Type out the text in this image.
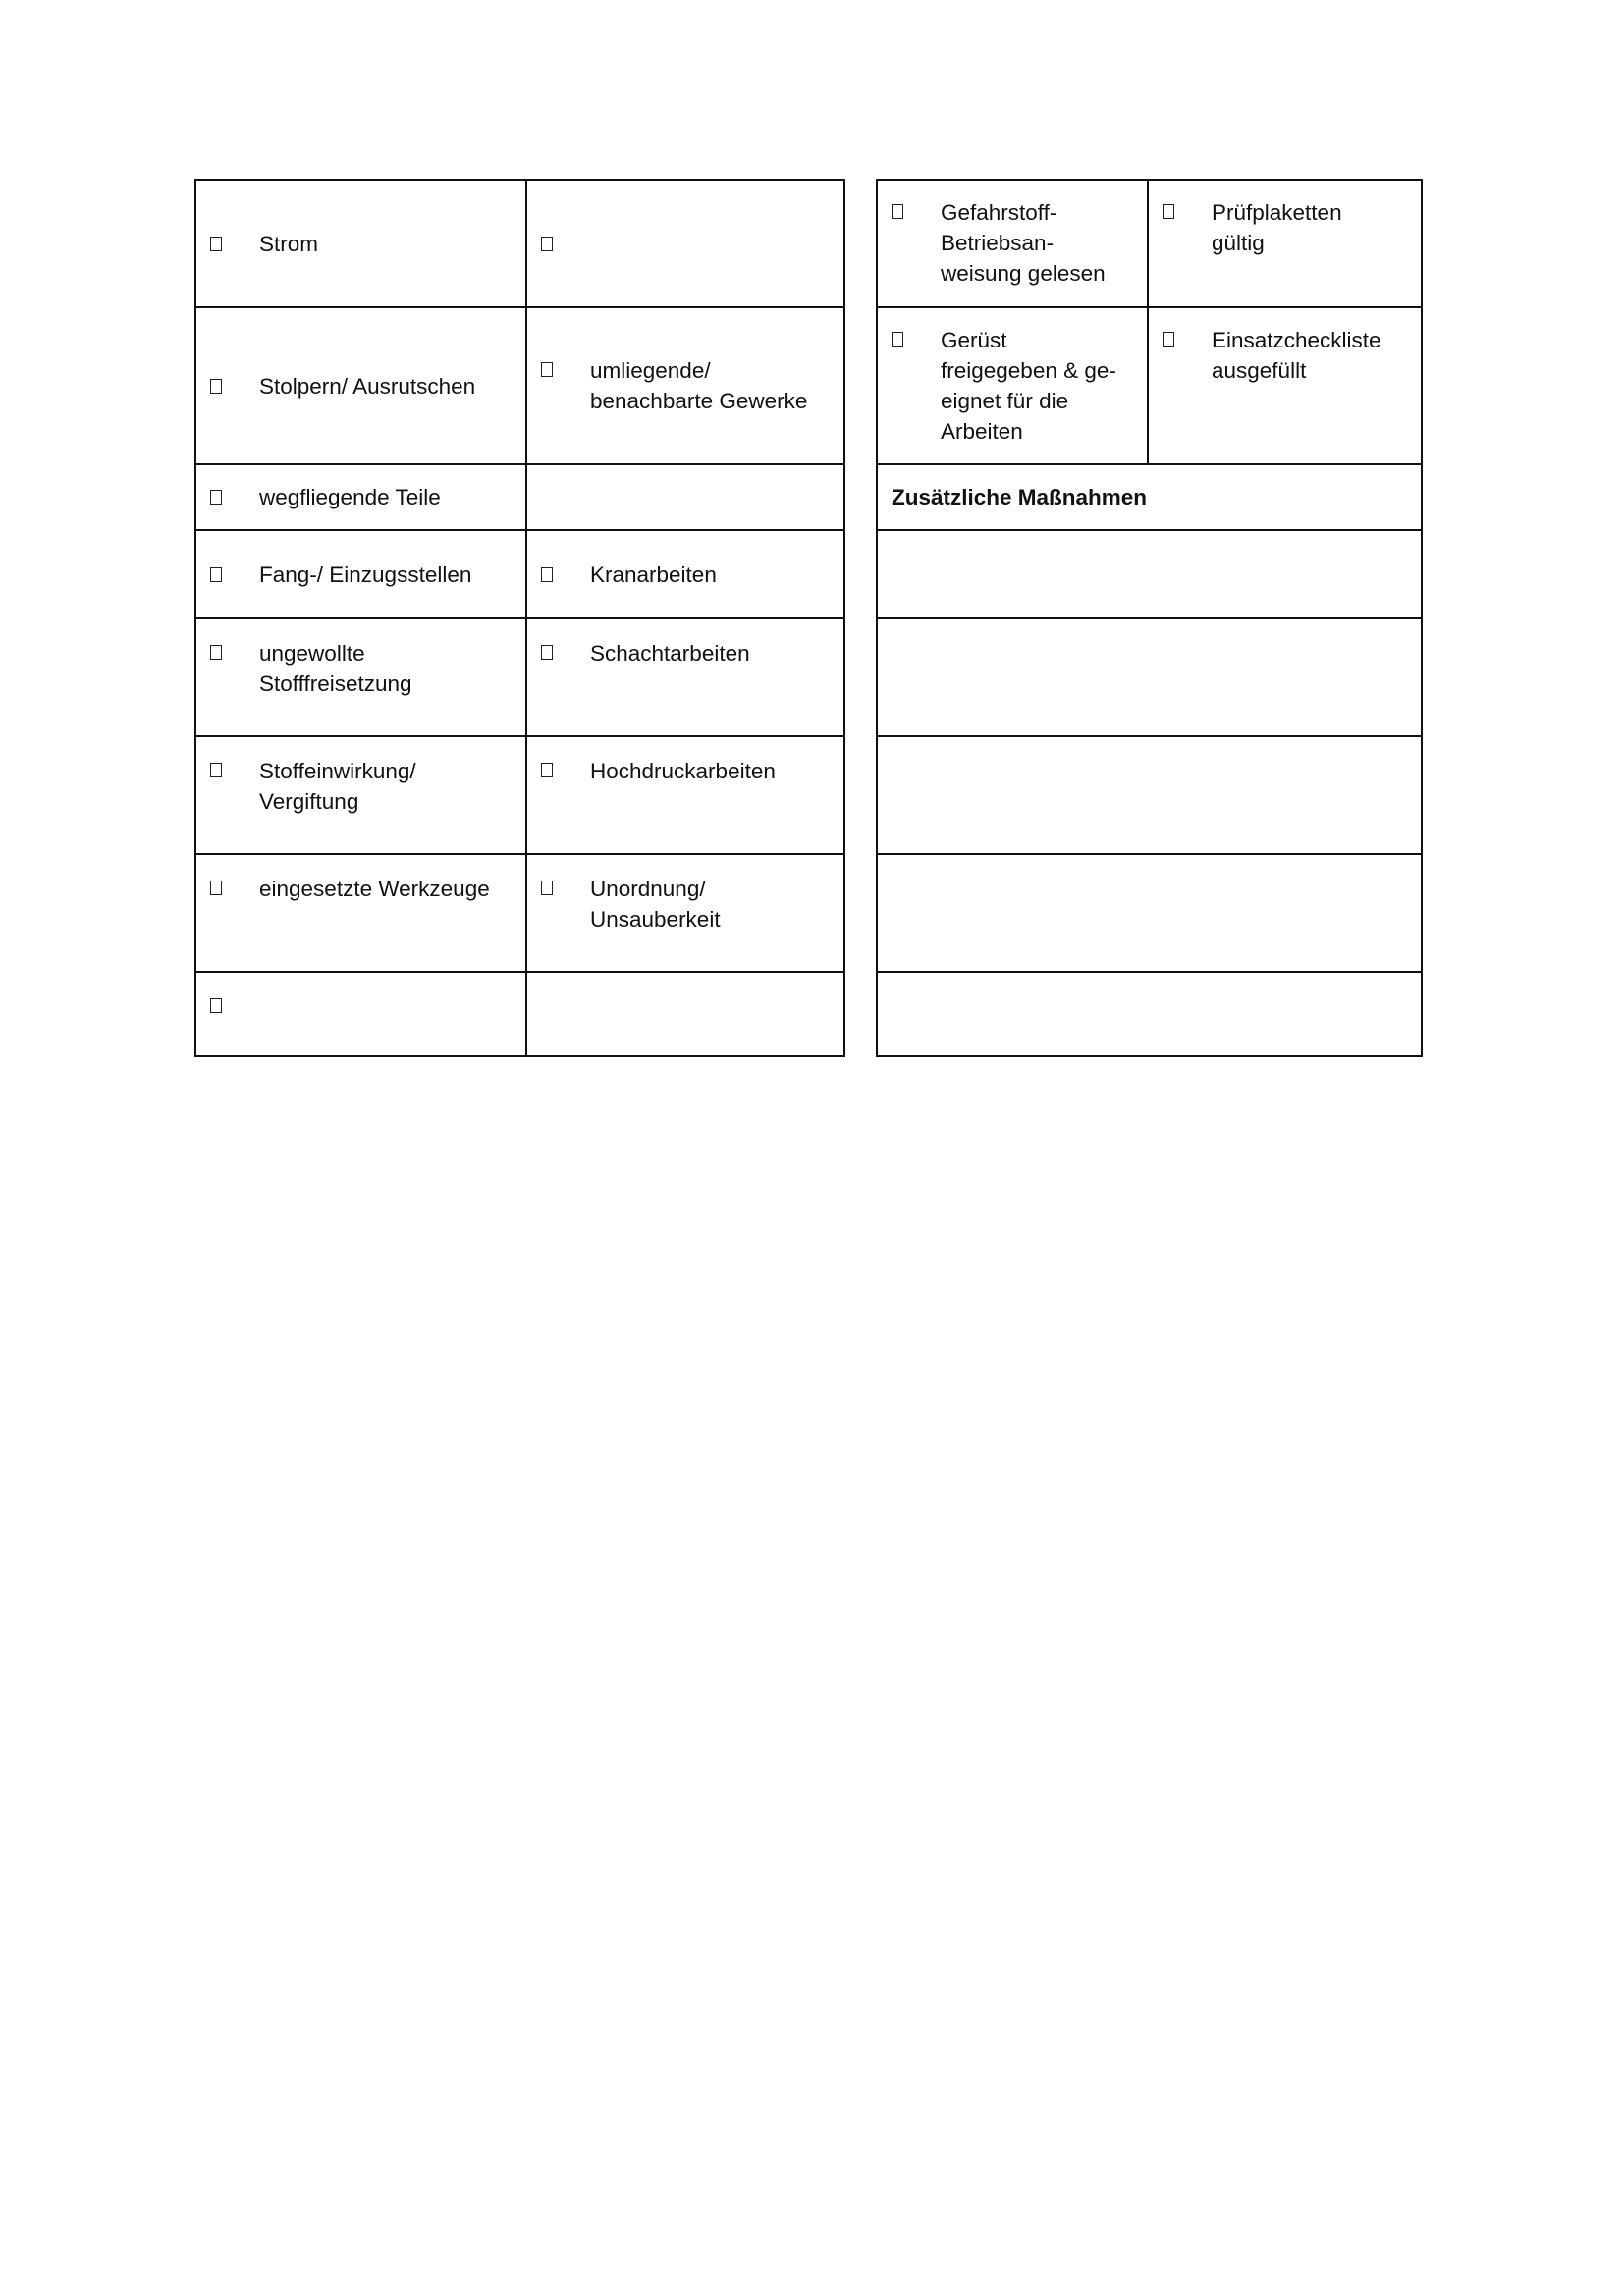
Strom
Stolpern/ Ausrutschen
umliegende/
benachbarte Gewerke
wegfliegende Teile
Fang-/ Einzugsstellen	Kranarbeiten
ungewollte
Stofffreisetzung
Schachtarbeiten
Stoffeinwirkung/
Vergiftung
Hochdruckarbeiten
eingesetzte Werkzeuge	Unordnung/
Unsauberkeit
Gefahrstoff-
Betriebsan-
weisung gelesen
Prüfplaketten
gültig
Gerüst
freigegeben & ge-
eignet für die
Arbeiten
Einsatzcheckliste
ausgefüllt
Zusätzliche Maßnahmen
